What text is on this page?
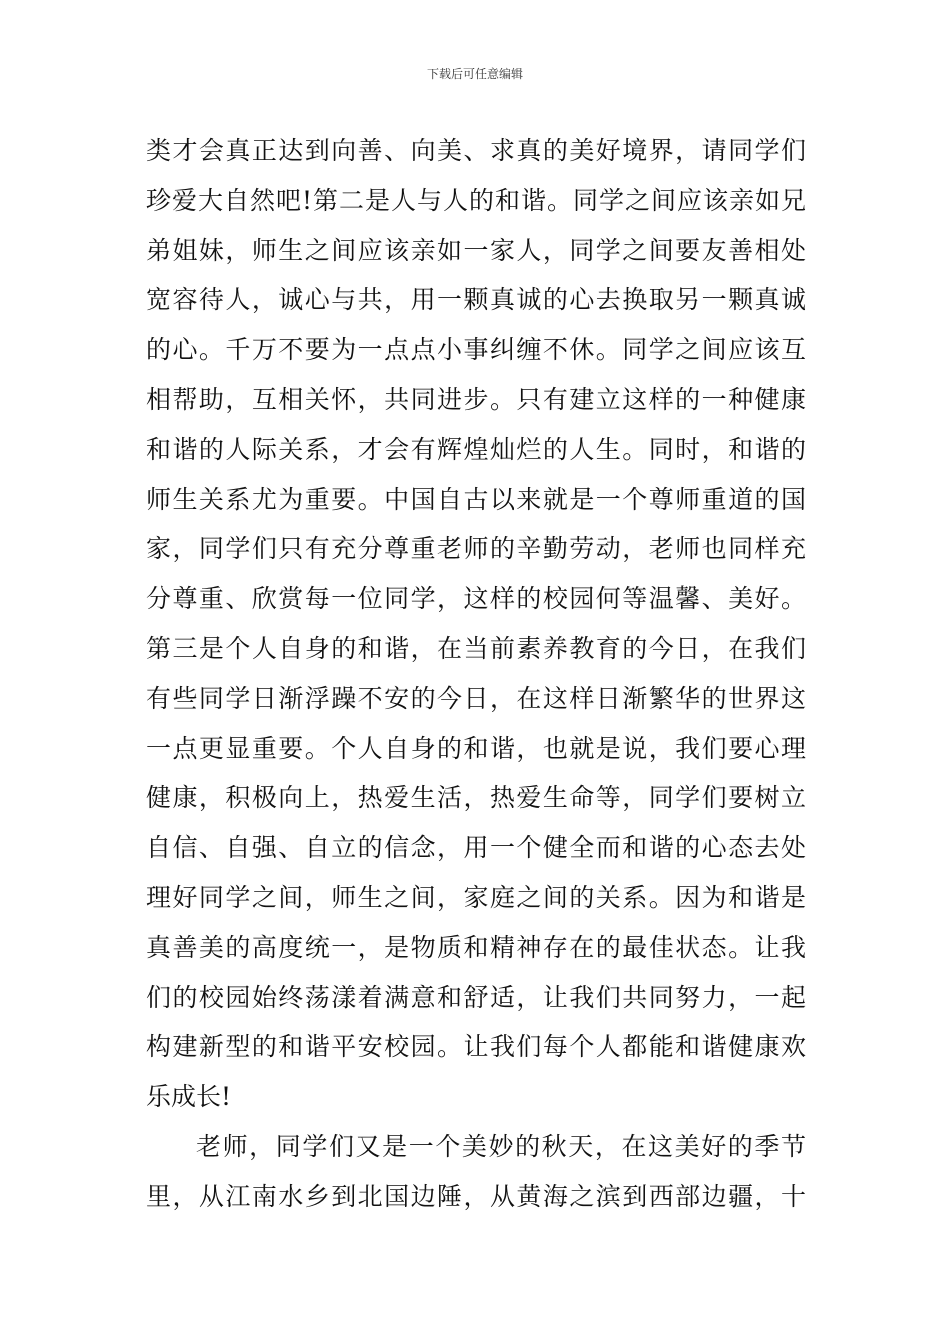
下载后可任意编辑
类才会真正达到向善、向美、求真的美好境界，请同学们
珍爱大自然吧!第二是人与人的和谐。同学之间应该亲如兄
弟姐妹，师生之间应该亲如一家人，同学之间要友善相处
宽容待人，诚心与共，用一颗真诚的心去换取另一颗真诚
的心。千万不要为一点点小事纠缠不休。同学之间应该互
相帮助，互相关怀，共同进步。只有建立这样的一种健康
和谐的人际关系，才会有辉煌灿烂的人生。同时，和谐的
师生关系尤为重要。中国自古以来就是一个尊师重道的国
家，同学们只有充分尊重老师的辛勤劳动，老师也同样充
分尊重、欣赏每一位同学，这样的校园何等温馨、美好。
第三是个人自身的和谐，在当前素养教育的今日，在我们
有些同学日渐浮躁不安的今日，在这样日渐繁华的世界这
一点更显重要。个人自身的和谐，也就是说，我们要心理
健康，积极向上，热爱生活，热爱生命等，同学们要树立
自信、自强、自立的信念，用一个健全而和谐的心态去处
理好同学之间，师生之间，家庭之间的关系。因为和谐是
真善美的高度统一，是物质和精神存在的最佳状态。让我
们的校园始终荡漾着满意和舒适，让我们共同努力，一起
构建新型的和谐平安校园。让我们每个人都能和谐健康欢
乐成长!
老师，同学们又是一个美妙的秋天，在这美好的季节
里，从江南水乡到北国边陲，从黄海之滨到西部边疆，十
